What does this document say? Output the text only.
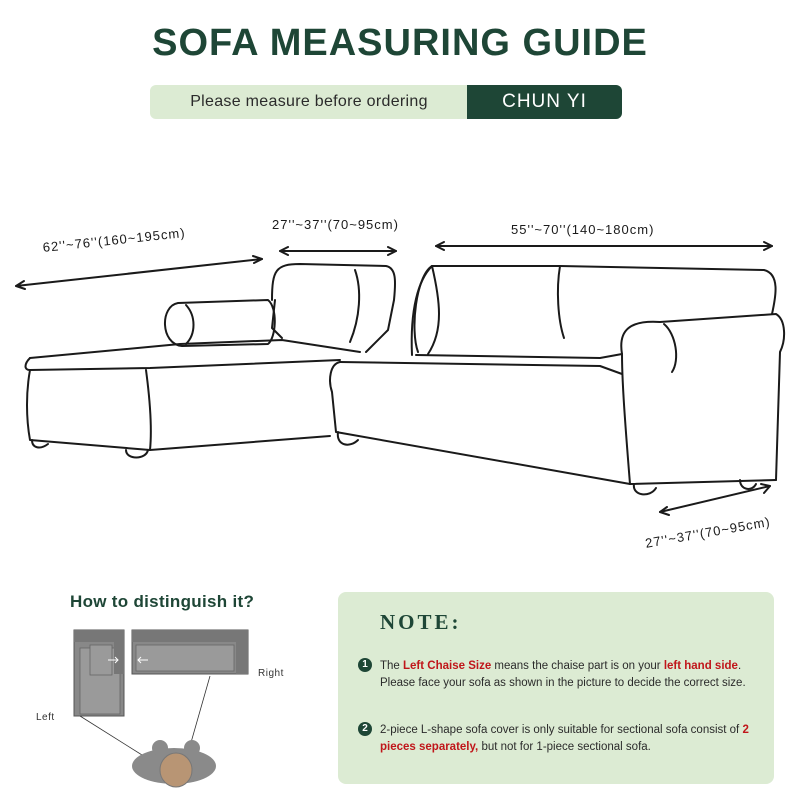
SOFA MEASURING GUIDE
Please measure before ordering	CHUN YI
62''~76''(160~195cm)
27''~37''(70~95cm)	55''~70''(140~180cm)
27''~37''(70~95cm)
How to distinguish it?
Left
Right
NOTE:
1	The Left Chaise Size means the chaise part is on your left hand side.
Please face your sofa as shown in the picture to decide the correct size.
2	2-piece L-shape sofa cover is only suitable for sectional sofa consist of 2 pieces separately, but not for 1-piece sectional sofa.
